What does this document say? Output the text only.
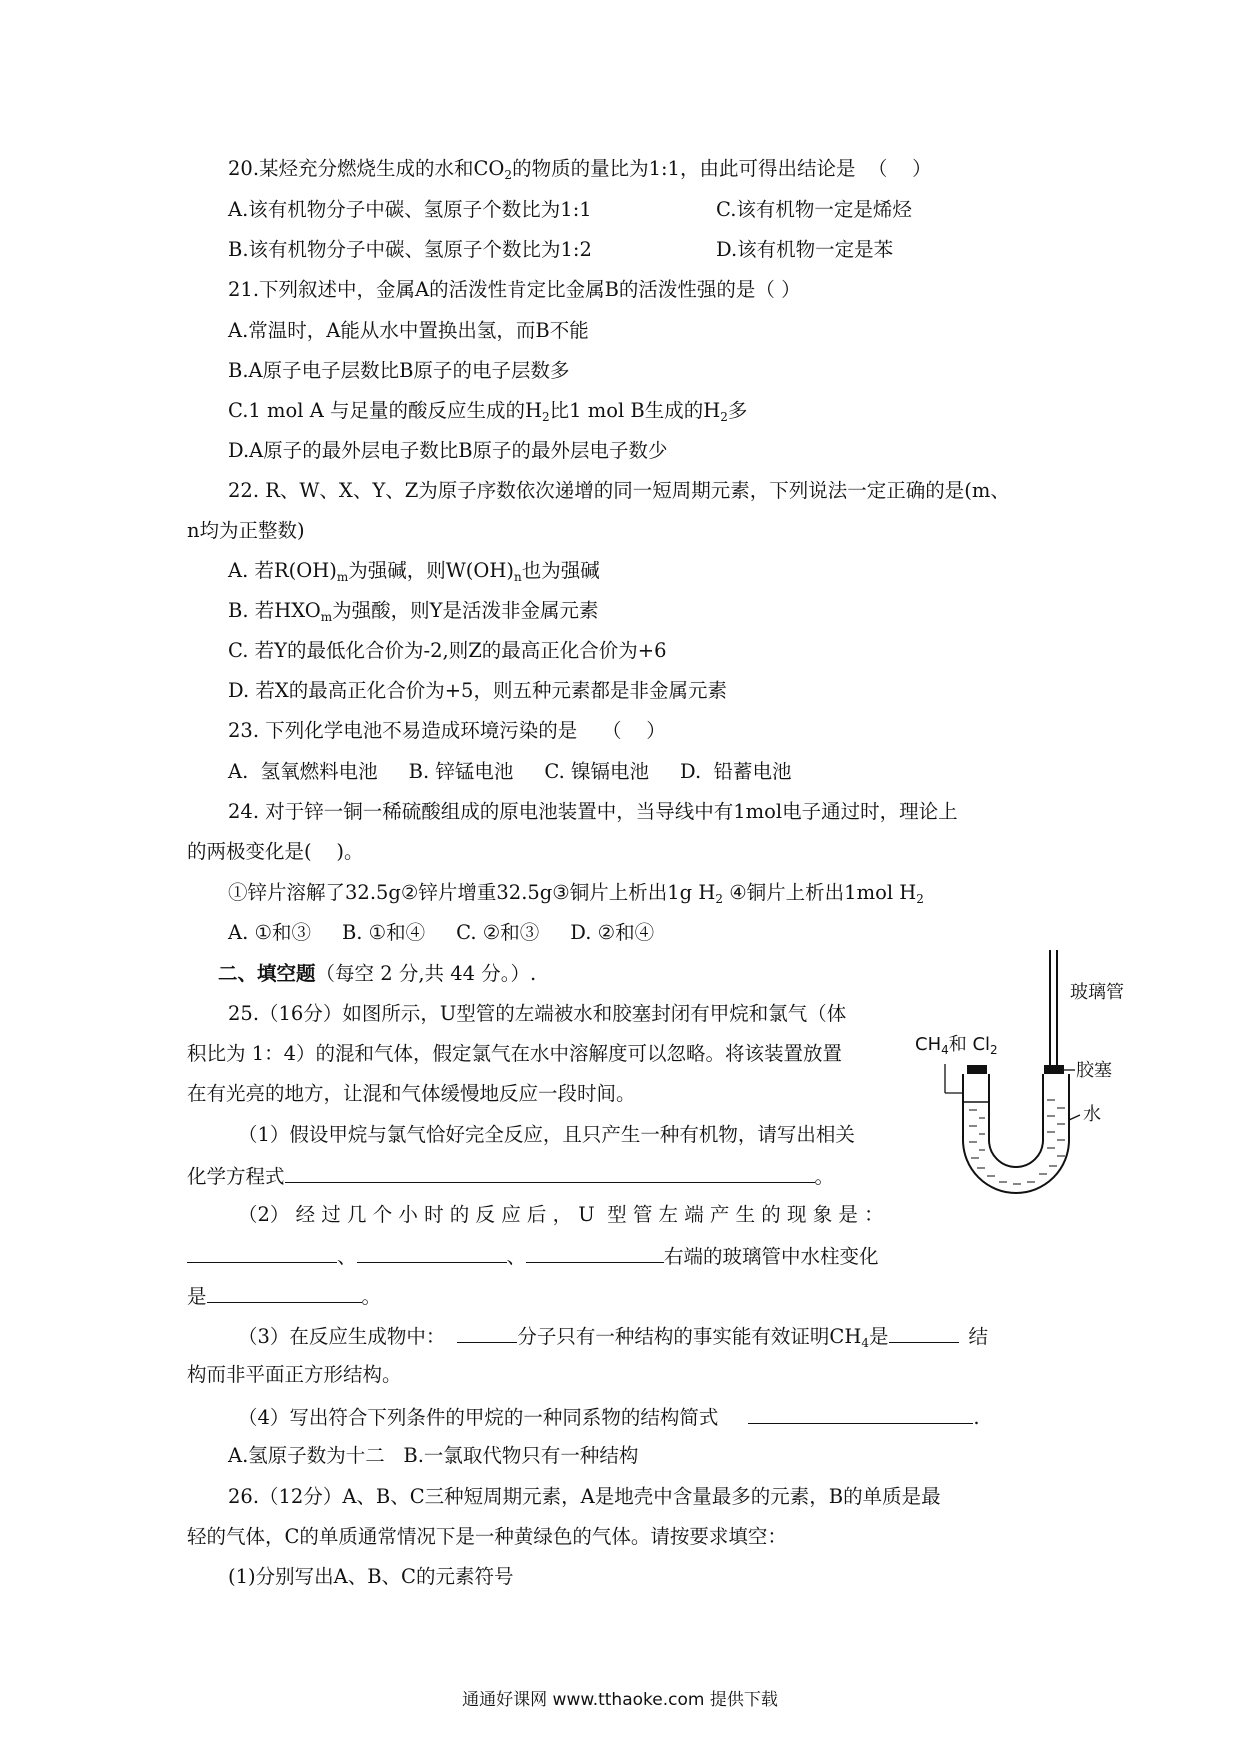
20.某烃充分燃烧生成的水和$CO_2$的物质的量比为1:1，由此可得出结论是  （    ）
A.该有机物分子中碳、氢原子个数比为1:1	C.该有机物一定是烯烃
B.该有机物分子中碳、氢原子个数比为1:2	D.该有机物一定是苯
21.下列叙述中，金属A的活泼性肯定比金属B的活泼性强的是（ ）
A.常温时，A能从水中置换出氢，而B不能
B.A原子电子层数比B原子的电子层数多
C.1 mol A 与足量的酸反应生成的$H_2$比1 mol B生成的$H_2$多
D.A原子的最外层电子数比B原子的最外层电子数少
22. R、W、X、Y、Z为原子序数依次递增的同一短周期元素，下列说法一定正确的是(m、
n均为正整数)
A. 若$R(OH)_m$为强碱，则$W(OH)_n$也为强碱
B. 若$HXO_m$为强酸，则Y是活泼非金属元素
C. 若Y的最低化合价为-2,则Z的最高正化合价为+6
D. 若X的最高正化合价为+5，则五种元素都是非金属元素
23. 下列化学电池不易造成环境污染的是    （    ）
A.  氢氧燃料电池     B. 锌锰电池     C. 镍镉电池     D.  铅蓄电池
24. 对于锌一铜一稀硫酸组成的原电池装置中，当导线中有1mol电子通过时，理论上
的两极变化是(    )。
①锌片溶解了32.5g②锌片增重32.5g③铜片上析出1g $H_2$ ④铜片上析出1mol $H_2$
A. ①和③     B. ①和④     C. ②和③     D. ②和④
二、填空题（每空 2 分,共 44 分。）.
25.（16分）如图所示，U型管的左端被水和胶塞封闭有甲烷和氯气（体
积比为 1：4）的混和气体，假定氯气在水中溶解度可以忽略。将该装置放置
在有光亮的地方，让混和气体缓慢地反应一段时间。
（1）假设甲烷与氯气恰好完全反应，且只产生一种有机物，请写出相关
化学方程式	。
（2） 经 过 几 个 小 时 的 反 应 后 ， U  型 管 左 端 产 生 的 现 象 是 ：
、	、	右端的玻璃管中水柱变化
是	。
（3）在反应生成物中：	分子只有一种结构的事实能有效证明$CH_4$是	结
构而非平面正方形结构。
（4）写出符合下列条件的甲烷的一种同系物的结构简式	.
A.氢原子数为十二   B.一氯取代物只有一种结构
26.（12分）A、B、C三种短周期元素，A是地壳中含量最多的元素，B的单质是最
轻的气体，C的单质通常情况下是一种黄绿色的气体。请按要求填空：
(1)分别写出A、B、C的元素符号
玻璃管
$CH_4$和 $Cl_2$
胶塞
水
通通好课网 www.tthaoke.com 提供下载
